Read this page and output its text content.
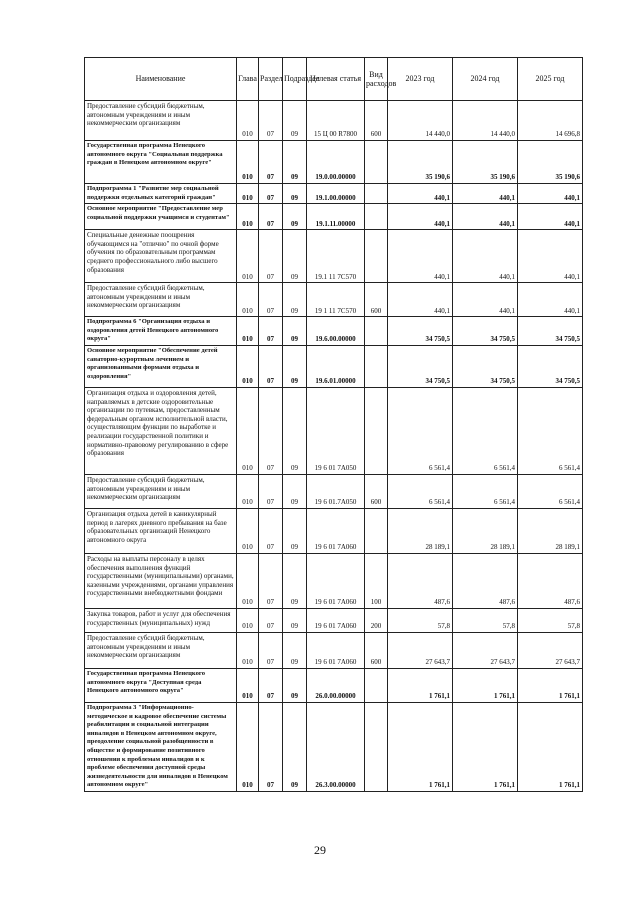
Наименование	Глава	Раздел	Подраздел	Целевая статья	Вид расходов	2023 год	2024 год	2025 год
Предоставление субсидий бюджетным, автономным учреждениям и иным некоммерческим организациям	010	07	09	15 Ц 00 R7800	600	14 440,0	14 440,0	14 696,8
Государственная программа Ненецкого автономного округа "Социальная поддержка граждан в Ненецком автономном округе"	010	07	09	19.0.00.00000		35 190,6	35 190,6	35 190,6
Подпрограмма 1 "Развитие мер социальной поддержки отдельных категорий граждан"	010	07	09	19.1.00.00000		440,1	440,1	440,1
Основное мероприятие "Предоставление мер социальной поддержки учащимся и студентам"	010	07	09	19.1.11.00000		440,1	440,1	440,1
Специальные денежные поощрения обучающимся на "отлично" по очной форме обучения по образовательным программам среднего профессионального либо высшего образования	010	07	09	19.1 11 7С570		440,1	440,1	440,1
Предоставление субсидий бюджетным, автономным учреждениям и иным некоммерческим организациям	010	07	09	19 1 11 7С570	600	440,1	440,1	440,1
Подпрограмма 6 "Организация отдыха и оздоровления детей Ненецкого автономного округа"	010	07	09	19.6.00.00000		34 750,5	34 750,5	34 750,5
Основное мероприятие "Обеспечение детей санаторно-курортным лечением и организованными формами отдыха и оздоровления"	010	07	09	19.6.01.00000		34 750,5	34 750,5	34 750,5
Организация отдыха и оздоровления детей, направляемых в детские оздоровительные организации по путевкам, предоставленным федеральным органом исполнительной власти, осуществляющим функции по выработке и реализации государственной политики и нормативно-правовому регулированию в сфере образования	010	07	09	19 6 01 7А050		6 561,4	6 561,4	6 561,4
Предоставление субсидий бюджетным, автономным учреждениям и иным некоммерческим организациям	010	07	09	19 6 01.7А050	600	6 561,4	6 561,4	6 561,4
Организация отдыха детей в каникулярный период в лагерях дневного пребывания на базе образовательных организаций Ненецкого автономного округа	010	07	09	19 6 01 7А060		28 189,1	28 189,1	28 189,1
Расходы на выплаты персоналу в целях обеспечения выполнения функций государственными (муниципальными) органами, казенными учреждениями, органами управления государственными внебюджетными фондами	010	07	09	19 6 01 7А060	100	487,6	487,6	487,6
Закупка товаров, работ и услуг для обеспечения государственных (муниципальных) нужд	010	07	09	19 6 01 7А060	200	57,8	57,8	57,8
Предоставление субсидий бюджетным, автономным учреждениям и иным некоммерческим организациям	010	07	09	19 6 01 7А060	600	27 643,7	27 643,7	27 643,7
Государственная программа Ненецкого автономного округа "Доступная среда Ненецкого автономного округа"	010	07	09	26.0.00.00000		1 761,1	1 761,1	1 761,1
Подпрограмма 3 "Информационно-методическое и кадровое обеспечение системы реабилитации и социальной интеграции инвалидов в Ненецком автономном округе, преодоление социальной разобщенности в обществе и формирование позитивного отношения к проблемам инвалидов и к проблеме обеспечения доступной среды жизнедеятельности для инвалидов в Ненецком автономном округе"	010	07	09	26.3.00.00000		1 761,1	1 761,1	1 761,1
29
